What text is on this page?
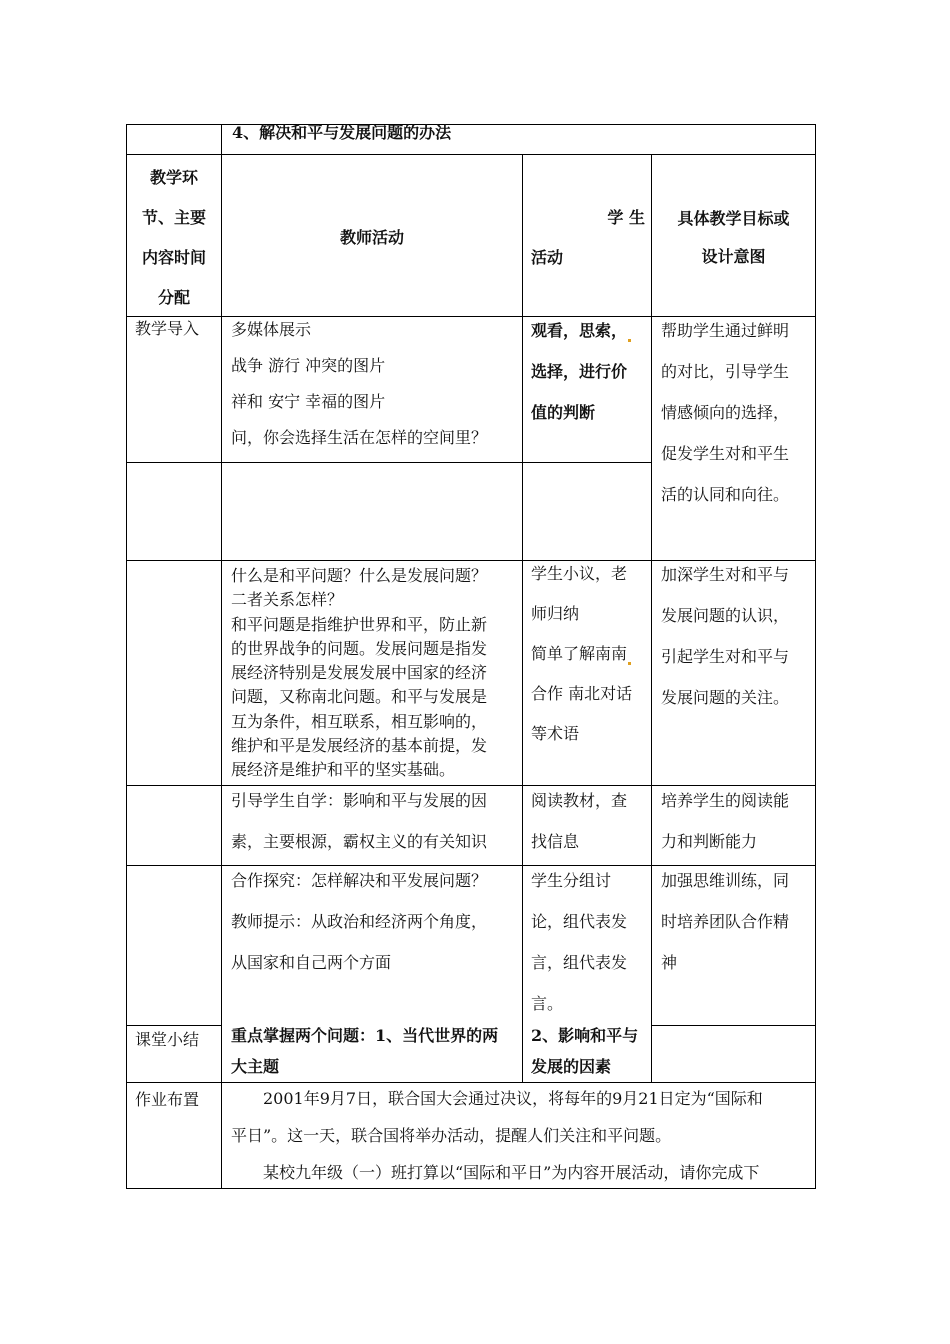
4、解决和平与发展问题的办法

教学环

节、主要

内容时间

分配

教师活动

学 生

活动

具体教学目标或

设计意图

教学导入 多媒体展示

战争 游行 冲突的图片

祥和 安宁 幸福的图片

问，你会选择生活在怎样的空间里？

观看，思索，

选择，进行价

值的判断

帮助学生通过鲜明

的对比，引导学生

情感倾向的选择，

促发学生对和平生

活的认同和向往。

什么是和平问题？什么是发展问题？

二者关系怎样？

和平问题是指维护世界和平，防止新

的世界战争的问题。发展问题是指发

展经济特别是发展发展中国家的经济

问题，又称南北问题。和平与发展是

互为条件，相互联系，相互影响的，

维护和平是发展经济的基本前提，发

展经济是维护和平的坚实基础。

学生小议，老

师归纳

简单了解南南

合作 南北对话

等术语

加深学生对和平与

发展问题的认识，

引起学生对和平与

发展问题的关注。

引导学生自学：影响和平与发展的因

素，主要根源，霸权主义的有关知识

阅读教材，查

找信息

培养学生的阅读能

力和判断能力

合作探究：怎样解决和平发展问题？

教师提示：从政治和经济两个角度，

从国家和自己两个方面

学生分组讨

论，组代表发

言，组代表发

言。

加强思维训练，同

时培养团队合作精

神

课堂小结 重点掌握两个问题：1、当代世界的两

大主题

2、影响和平与

发展的因素

作业布置	2001年9月7日，联合国大会通过决议，将每年的9月21日定为“国际和

平日”。这一天，联合国将举办活动，提醒人们关注和平问题。

某校九年级（一）班打算以“国际和平日”为内容开展活动，请你完成下
